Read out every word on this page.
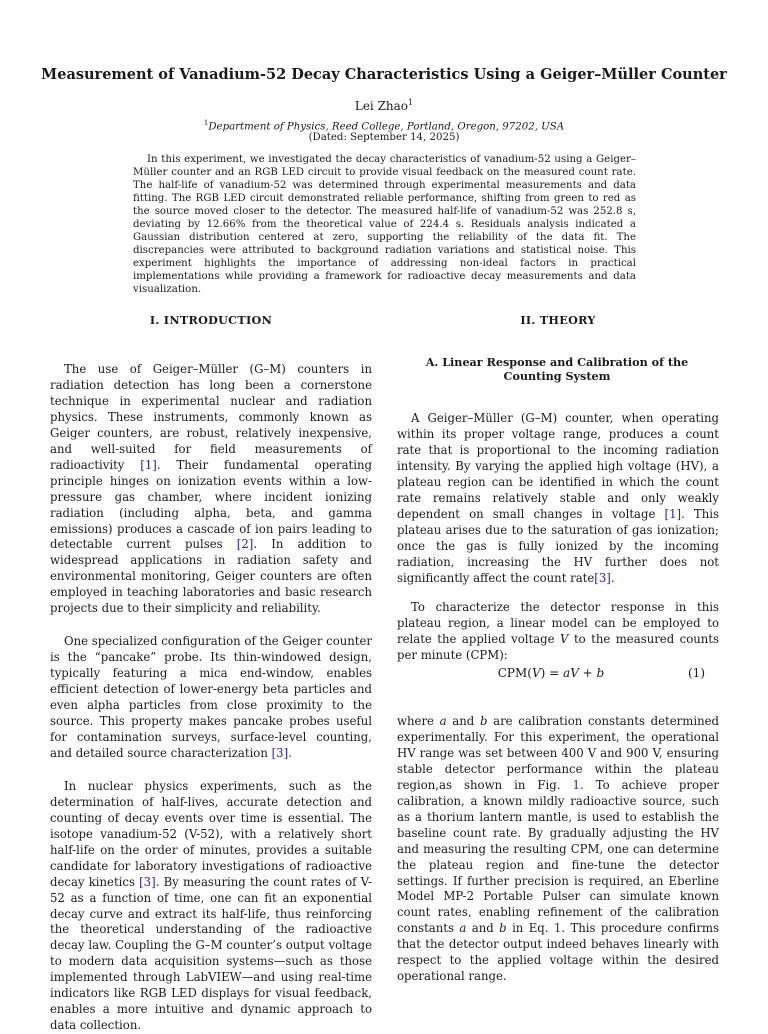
Measurement of Vanadium-52 Decay Characteristics Using a Geiger–Müller Counter
Lei Zhao$^1$
$^1$Department of Physics, Reed College, Portland, Oregon, 97202, USA
(Dated: September 14, 2025)
In this experiment, we investigated the decay characteristics of vanadium-52 using a Geiger–Müller counter and an RGB LED circuit to provide visual feedback on the measured count rate. The half-life of vanadium-52 was determined through experimental measurements and data fitting. The RGB LED circuit demonstrated reliable performance, shifting from green to red as the source moved closer to the detector. The measured half-life of vanadium-52 was 252.8 s, deviating by 12.66% from the theoretical value of 224.4 s. Residuals analysis indicated a Gaussian distribution centered at zero, supporting the reliability of the data fit. The discrepancies were attributed to background radiation variations and statistical noise. This experiment highlights the importance of addressing non-ideal factors in practical implementations while providing a framework for radioactive decay measurements and data visualization.
I. INTRODUCTION

The use of Geiger–Müller (G–M) counters in radiation detection has long been a cornerstone technique in experimental nuclear and radiation physics. These instruments, commonly known as Geiger counters, are robust, relatively inexpensive, and well-suited for field measurements of radioactivity [1]. Their fundamental operating principle hinges on ionization events within a low-pressure gas chamber, where incident ionizing radiation (including alpha, beta, and gamma emissions) produces a cascade of ion pairs leading to detectable current pulses [2]. In addition to widespread applications in radiation safety and environmental monitoring, Geiger counters are often employed in teaching laboratories and basic research projects due to their simplicity and reliability.

One specialized configuration of the Geiger counter is the “pancake” probe. Its thin-windowed design, typically featuring a mica end-window, enables efficient detection of lower-energy beta particles and even alpha particles from close proximity to the source. This property makes pancake probes useful for contamination surveys, surface-level counting, and detailed source characterization [3].

In nuclear physics experiments, such as the determination of half-lives, accurate detection and counting of decay events over time is essential. The isotope vanadium-52 (V-52), with a relatively short half-life on the order of minutes, provides a suitable candidate for laboratory investigations of radioactive decay kinetics [3]. By measuring the count rates of V-52 as a function of time, one can fit an exponential decay curve and extract its half-life, thus reinforcing the theoretical understanding of the radioactive decay law. Coupling the G–M counter’s output voltage to modern data acquisition systems—such as those implemented through LabVIEW—and using real-time indicators like RGB LED displays for visual feedback, enables a more intuitive and dynamic approach to data collection.

II. THEORY
A. Linear Response and Calibration of the Counting System

A Geiger–Müller (G–M) counter, when operating within its proper voltage range, produces a count rate that is proportional to the incoming radiation intensity. By varying the applied high voltage (HV), a plateau region can be identified in which the count rate remains relatively stable and only weakly dependent on small changes in voltage [1]. This plateau arises due to the saturation of gas ionization; once the gas is fully ionized by the incoming radiation, increasing the HV further does not significantly affect the count rate[3].

To characterize the detector response in this plateau region, a linear model can be employed to relate the applied voltage V to the measured counts per minute (CPM):

CPM(V) = aV + b	(1)

where a and b are calibration constants determined experimentally. For this experiment, the operational HV range was set between 400 V and 900 V, ensuring stable detector performance within the plateau region,as shown in Fig. 1. To achieve proper calibration, a known mildly radioactive source, such as a thorium lantern mantle, is used to establish the baseline count rate. By gradually adjusting the HV and measuring the resulting CPM, one can determine the plateau region and fine-tune the detector settings. If further precision is required, an Eberline Model MP-2 Portable Pulser can simulate known count rates, enabling refinement of the calibration constants a and b in Eq. 1. This procedure confirms that the detector output indeed behaves linearly with respect to the applied voltage within the desired operational range.
